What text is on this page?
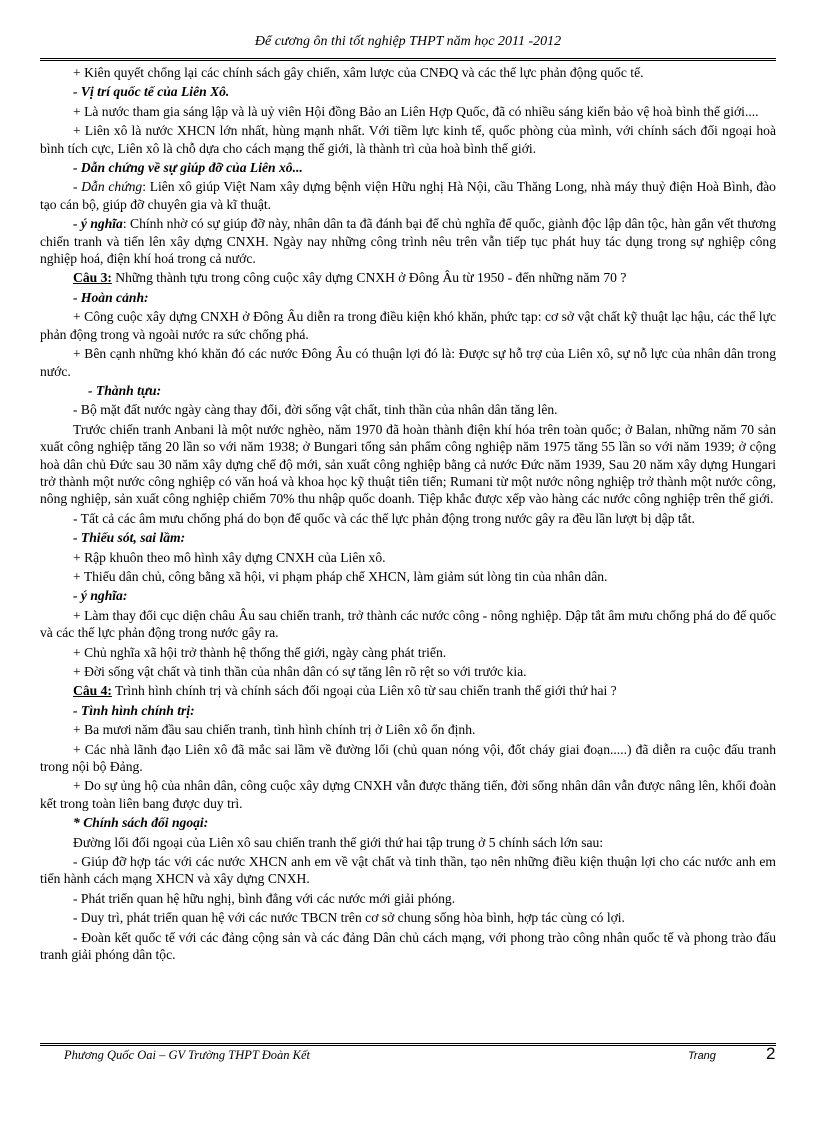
Để cương ôn thi tốt nghiệp THPT năm học 2011 -2012

+ Kiên quyết chống lại các chính sách gây chiến, xâm lược của CNĐQ và các thế lực phản động quốc tế.

- Vị trí quốc tế của Liên Xô.

+ Là nước tham gia sáng lập và là uỷ viên Hội đồng Bảo an Liên Hợp Quốc, đã có nhiều sáng kiến bảo vệ hoà bình thế giới....

+ Liên xô là nước XHCN lớn nhất, hùng mạnh nhất. Với tiềm lực kinh tế, quốc phòng của mình, với chính sách đối ngoại hoà bình tích cực, Liên xô là chỗ dựa cho cách mạng thế giới, là thành trì của hoà bình thế giới.

- Dẫn chứng về sự giúp đỡ của Liên xô...

- Dẫn chứng: Liên xô giúp Việt Nam xây dựng bệnh viện Hữu nghị Hà Nội, cầu Thăng Long, nhà máy thuỷ điện Hoà Bình, đào tạo cán bộ, giúp đỡ chuyên gia và kĩ thuật.

- ý nghĩa: Chính nhờ có sự giúp đỡ này, nhân dân ta đã đánh bại đế chủ nghĩa đế quốc, giành độc lập dân tộc, hàn gắn vết thương chiến tranh và tiến lên xây dựng CNXH. Ngày nay những công trình nêu trên vẫn tiếp tục phát huy tác dụng trong sự nghiệp công nghiệp hoá, điện khí hoá trong cả nước.

Câu 3: Những thành tựu trong công cuộc xây dựng CNXH ở Đông Âu từ 1950 - đến những năm 70 ?

- Hoàn cảnh:

+ Công cuộc xây dựng CNXH ở Đông Âu diễn ra trong điều kiện khó khăn, phức tạp: cơ sở vật chất kỹ thuật lạc hậu, các thế lực phản động trong và ngoài nước ra sức chống phá.

+ Bên cạnh những khó khăn đó các nước Đông Âu có thuận lợi đó là: Được sự hỗ trợ của Liên xô, sự nỗ lực của nhân dân trong nước.

- Thành tựu:

- Bộ mặt đất nước ngày càng thay đổi, đời sống vật chất, tinh thần của nhân dân tăng lên.

Trước chiến tranh Anbani là một nước nghèo, năm 1970 đã hoàn thành điện khí hóa trên toàn quốc; ở Balan, những năm 70 sản xuất công nghiệp tăng 20 lần so với năm 1938; ở Bungari tổng sản phẩm công nghiệp năm 1975 tăng 55 lần so với năm 1939; ở cộng hoà dân chủ Đức sau 30 năm xây dựng chế độ mới, sản xuất công nghiệp bằng cả nước Đức năm 1939, Sau 20 năm xây dựng Hungari trở thành một nước công nghiệp có văn hoá và khoa học kỹ thuật tiên tiến; Rumani từ một nước nông nghiệp trở thành một nước công, nông nghiệp, sản xuất công nghiệp chiếm 70% thu nhập quốc doanh. Tiệp khắc được xếp vào hàng các nước công nghiệp trên thế giới.

- Tất cả các âm mưu chống phá do bọn đế quốc và các thế lực phản động trong nước gây ra đều lần lượt bị dập tắt.

- Thiếu sót, sai lầm:

+ Rập khuôn theo mô hình xây dựng CNXH của Liên xô.

+ Thiếu dân chủ, công bằng xã hội, vi phạm pháp chế XHCN, làm giảm sút lòng tin của nhân dân.

- ý nghĩa:

+ Làm thay đổi cục diện châu Âu sau chiến tranh, trở thành các nước công - nông nghiệp. Dập tắt âm mưu chống phá do đế quốc và các thế lực phản động trong nước gây ra.

+ Chủ nghĩa xã hội trở thành hệ thống thế giới, ngày càng phát triển.

+ Đời sống vật chất và tinh thần của nhân dân có sự tăng lên rõ rệt so với trước kia.

Câu 4: Trình hình chính trị và chính sách đối ngoại của Liên xô từ sau chiến tranh thế giới thứ hai ?

- Tình hình chính trị:

+ Ba mươi năm đầu sau chiến tranh, tình hình chính trị ở Liên xô ổn định.

+ Các nhà lãnh đạo Liên xô đã mắc sai lầm về đường lối (chủ quan nóng vội, đốt cháy giai đoạn.....) đã diễn ra cuộc đấu tranh trong nội bộ Đảng.

+ Do sự ủng hộ của nhân dân, công cuộc xây dựng CNXH vẫn được thăng tiến, đời sống nhân dân vẫn được nâng lên, khối đoàn kết trong toàn liên bang được duy trì.

* Chính sách đối ngoại:

Đường lối đối ngoại của Liên xô sau chiến tranh thế giới thứ hai tập trung ở 5 chính sách lớn sau:

- Giúp đỡ hợp tác với các nước XHCN anh em về vật chất và tinh thần, tạo nên những điều kiện thuận lợi cho các nước anh em tiến hành cách mạng XHCN và xây dựng CNXH.

- Phát triển quan hệ hữu nghị, bình đẳng với các nước mới giải phóng.

- Duy trì, phát triển quan hệ với các nước TBCN trên cơ sở chung sống hòa bình, hợp tác cùng có lợi.

- Đoàn kết quốc tế với các đảng cộng sản và các đảng Dân chủ cách mạng, với phong trào công nhân quốc tế và phong trào đấu tranh giải phóng dân tộc.

Phương Quốc Oai – GV Trường THPT Đoàn Kết	Trang	2
